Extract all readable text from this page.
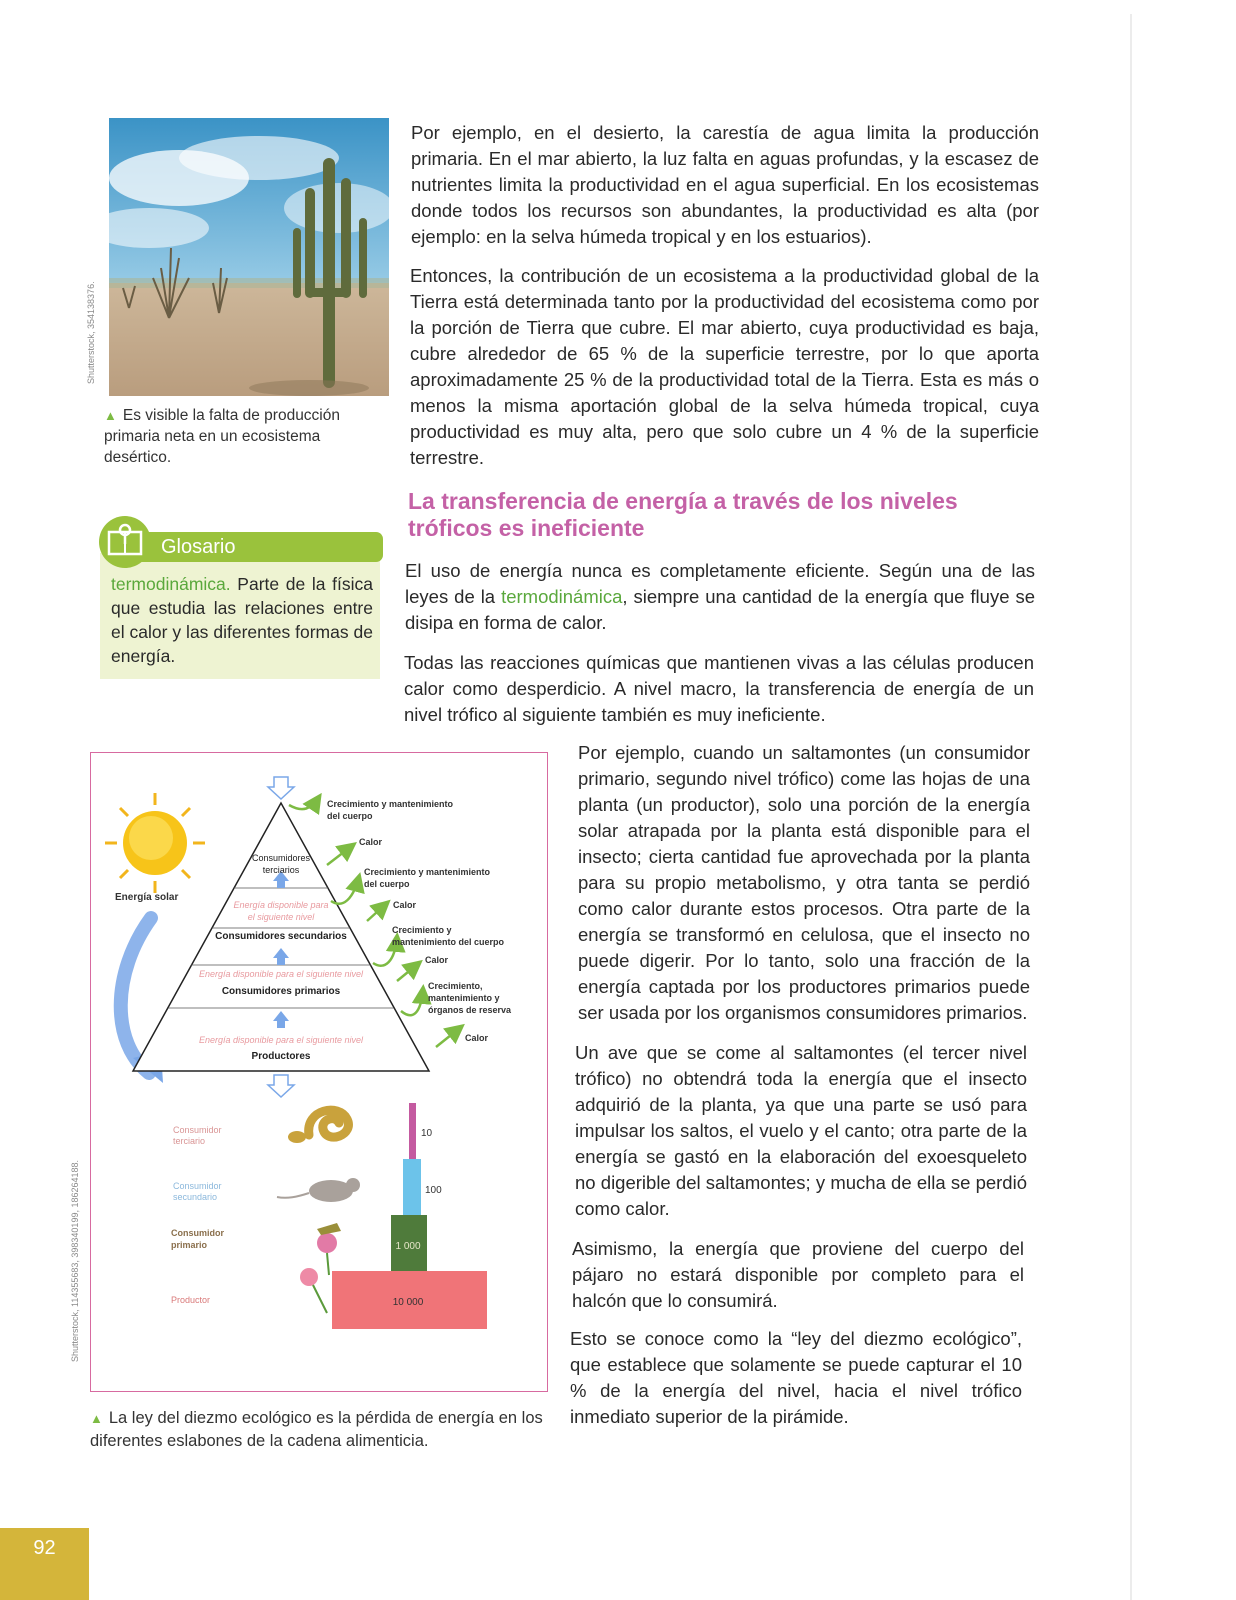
Shutterstock, 354138376.
▲ Es visible la falta de producción primaria neta en un ecosistema desértico.
Glosario
termodinámica. Parte de la física que estudia las relaciones entre el calor y las diferentes formas de energía.

Por ejemplo, en el desierto, la carestía de agua limita la producción primaria. En el mar abierto, la luz falta en aguas profundas, y la escasez de nutrientes limita la productividad en el agua superficial. En los ecosistemas donde todos los recursos son abundantes, la productividad es alta (por ejemplo: en la selva húmeda tropical y en los estuarios).

Entonces, la contribución de un ecosistema a la productividad global de la Tierra está determinada tanto por la productividad del ecosistema como por la porción de Tierra que cubre. El mar abierto, cuya productividad es baja, cubre alrededor de 65 % de la superficie terrestre, por lo que aporta aproximadamente 25 % de la productividad total de la Tierra. Esta es más o menos la misma aportación global de la selva húmeda tropical, cuya productividad es muy alta, pero que solo cubre un 4 % de la superficie terrestre.

La transferencia de energía a través de los niveles tróficos es ineficiente

El uso de energía nunca es completamente eficiente. Según una de las leyes de la termodinámica, siempre una cantidad de la energía que fluye se disipa en forma de calor.

Todas las reacciones químicas que mantienen vivas a las células producen calor como desperdicio. A nivel macro, la transferencia de energía de un nivel trófico al siguiente también es muy ineficiente.

Por ejemplo, cuando un saltamontes (un consumidor primario, segundo nivel trófico) come las hojas de una planta (un productor), solo una porción de la energía solar atrapada por la planta está disponible para el insecto; cierta cantidad fue aprovechada por la planta para su propio metabolismo, y otra tanta se perdió como calor durante estos procesos. Otra parte de la energía se transformó en celulosa, que el insecto no puede digerir. Por lo tanto, solo una fracción de la energía captada por los productores primarios puede ser usada por los organismos consumidores primarios.

Un ave que se come al saltamontes (el tercer nivel trófico) no obtendrá toda la energía que el insecto adquirió de la planta, ya que una parte se usó para impulsar los saltos, el vuelo y el canto; otra parte de la energía se gastó en la elaboración del exoesqueleto no digerible del saltamontes; y mucha de ella se perdió como calor.

Asimismo, la energía que proviene del cuerpo del pájaro no estará disponible por completo para el halcón que lo consumirá.

Esto se conoce como la “ley del diezmo ecológico”, que establece que solamente se puede capturar el 10 % de la energía del nivel, hacia el nivel trófico inmediato superior de la pirámide.

Energía solar
Consumidores
terciarios
Energía disponible para
el siguiente nivel
Consumidores secundarios
Energía disponible para el siguiente nivel
Consumidores primarios
Energía disponible para el siguiente nivel
Productores
Crecimiento y mantenimiento
del cuerpo
Calor
Crecimiento y mantenimiento
del cuerpo
Calor
Crecimiento y
mantenimiento del cuerpo
Calor
Crecimiento,
mantenimiento y
órganos de reserva
Calor
Consumidor
terciario
Consumidor
secundario
Consumidor
primario
Productor
10
100
1 000
10 000
Shutterstock, 114355683, 398340199, 186264188.
▲ La ley del diezmo ecológico es la pérdida de energía en los diferentes eslabones de la cadena alimenticia.
92
